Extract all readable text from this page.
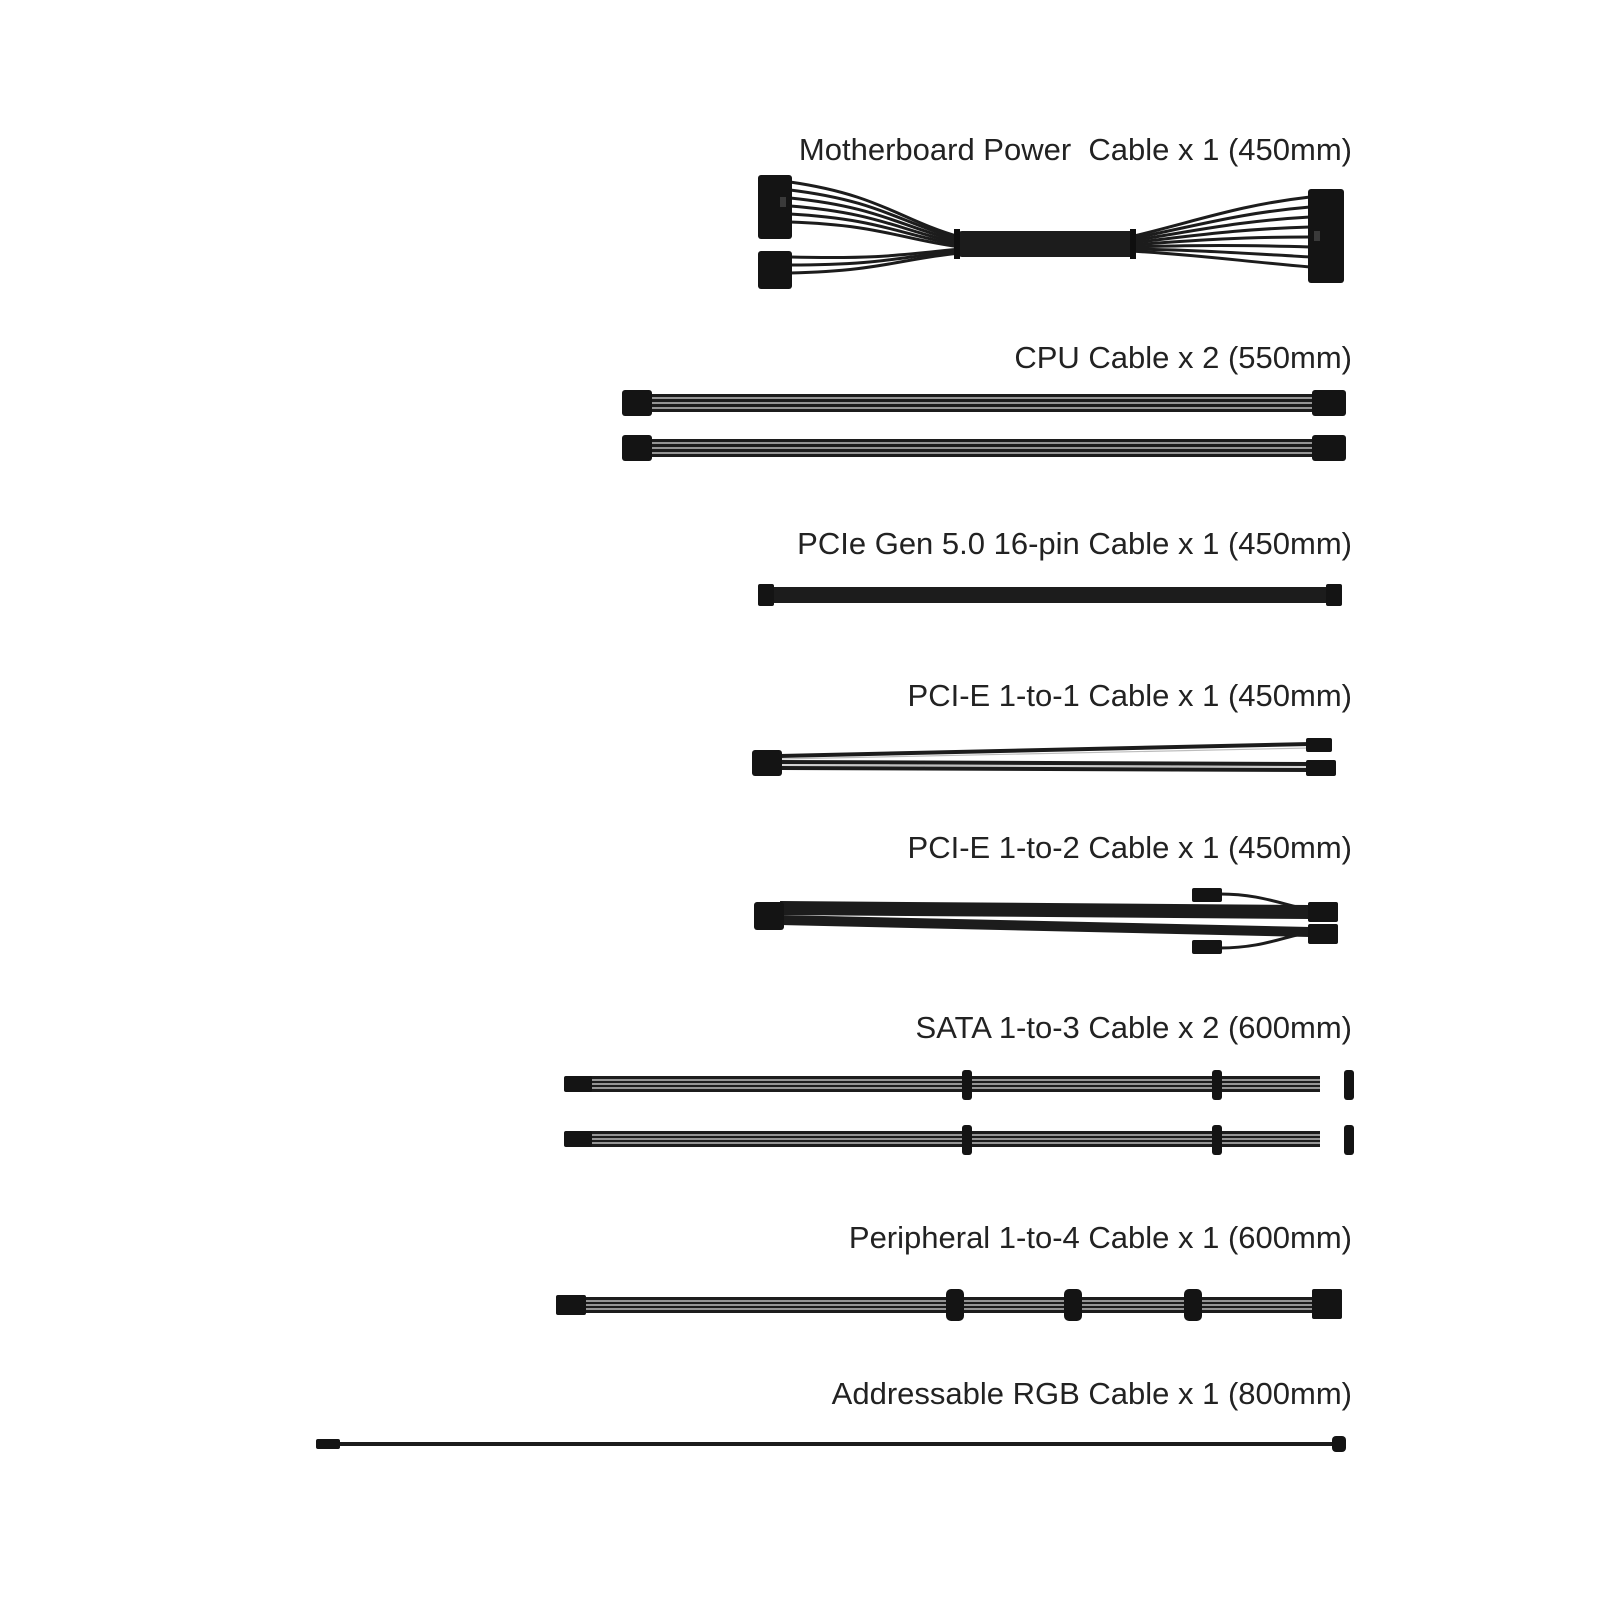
Motherboard Power  Cable x 1 (450mm)
CPU Cable x 2 (550mm)
PCIe Gen 5.0 16-pin Cable x 1 (450mm)
PCI-E 1-to-1 Cable x 1 (450mm)
PCI-E 1-to-2 Cable x 1 (450mm)
SATA 1-to-3 Cable x 2 (600mm)
Peripheral 1-to-4 Cable x 1 (600mm)
Addressable RGB Cable x 1 (800mm)
